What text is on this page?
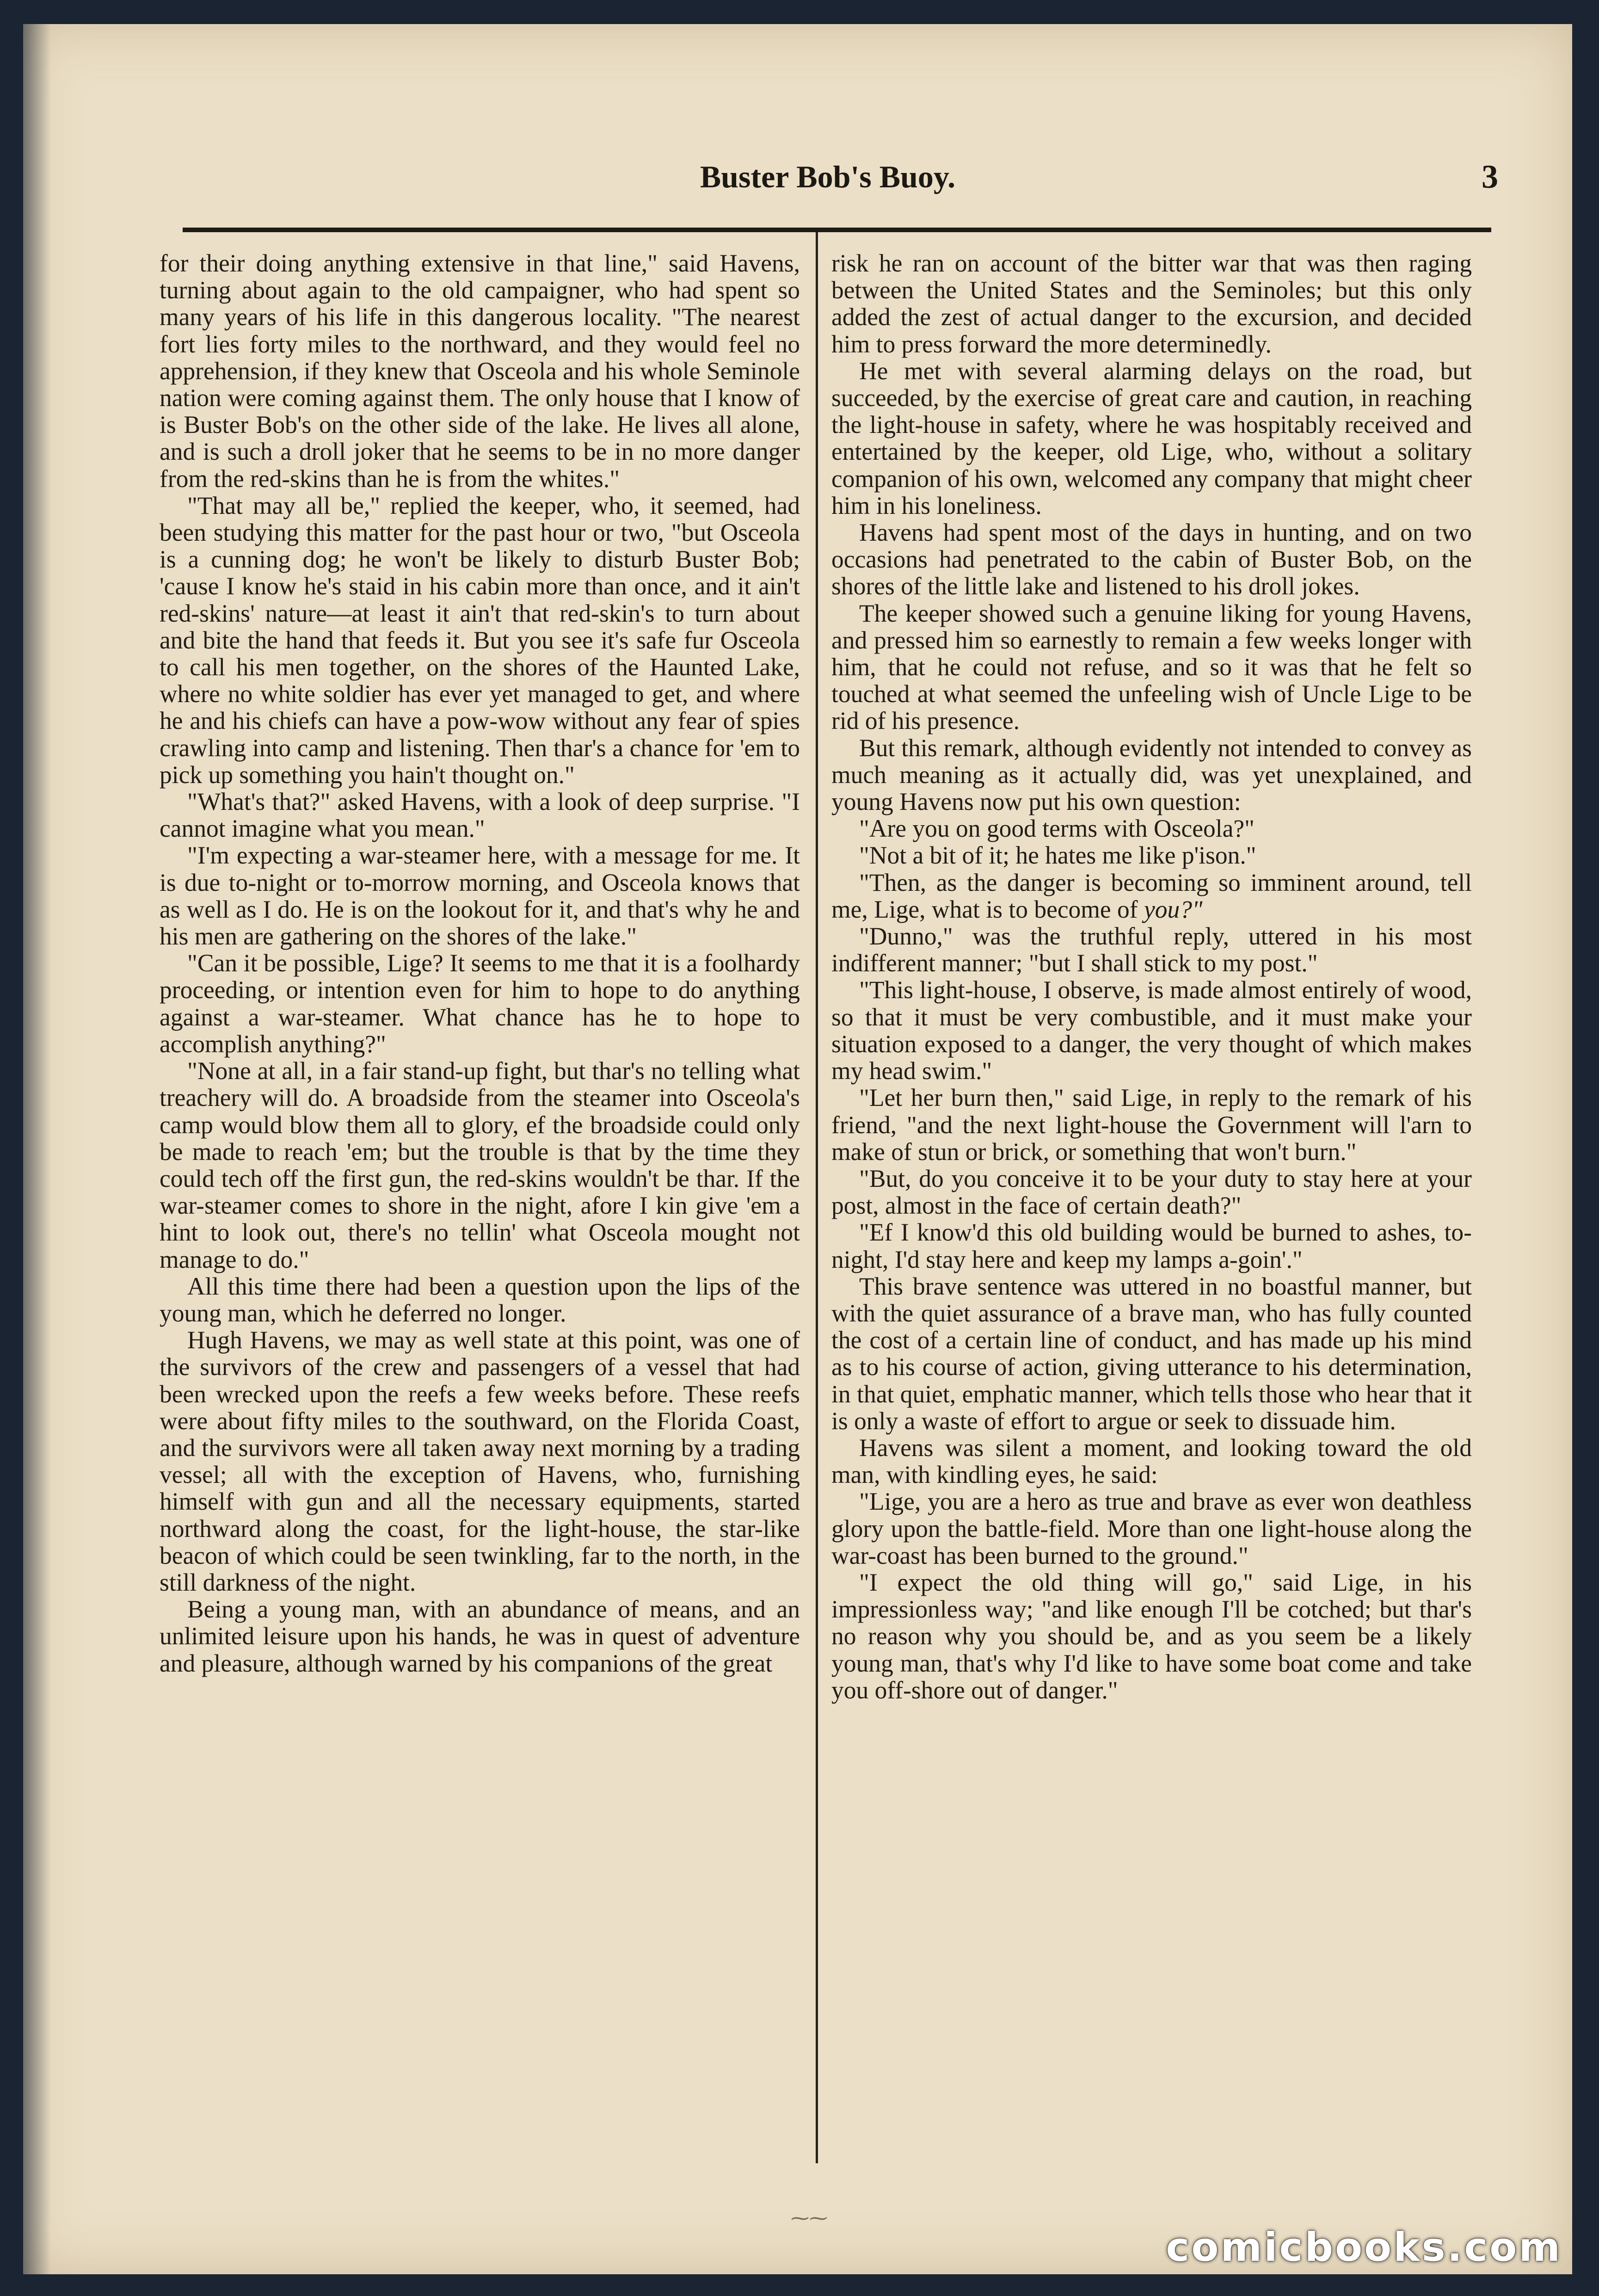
Buster Bob's Buoy.	3

for their doing anything extensive in that line," said Havens, turning about again to the old campaigner, who had spent so many years of his life in this dangerous locality. "The nearest fort lies forty miles to the northward, and they would feel no apprehension, if they knew that Osceola and his whole Seminole nation were coming against them. The only house that I know of is Buster Bob's on the other side of the lake. He lives all alone, and is such a droll joker that he seems to be in no more danger from the red-skins than he is from the whites."

"That may all be," replied the keeper, who, it seemed, had been studying this matter for the past hour or two, "but Osceola is a cunning dog; he won't be likely to disturb Buster Bob; 'cause I know he's staid in his cabin more than once, and it ain't red-skins' nature—at least it ain't that red-skin's to turn about and bite the hand that feeds it. But you see it's safe fur Osceola to call his men together, on the shores of the Haunted Lake, where no white soldier has ever yet managed to get, and where he and his chiefs can have a pow-wow without any fear of spies crawling into camp and listening. Then thar's a chance for 'em to pick up something you hain't thought on."

"What's that?" asked Havens, with a look of deep surprise. "I cannot imagine what you mean."

"I'm expecting a war-steamer here, with a message for me. It is due to-night or to-morrow morning, and Osceola knows that as well as I do. He is on the lookout for it, and that's why he and his men are gathering on the shores of the lake."

"Can it be possible, Lige? It seems to me that it is a foolhardy proceeding, or intention even for him to hope to do anything against a war-steamer. What chance has he to hope to accomplish anything?"

"None at all, in a fair stand-up fight, but thar's no telling what treachery will do. A broadside from the steamer into Osceola's camp would blow them all to glory, ef the broadside could only be made to reach 'em; but the trouble is that by the time they could tech off the first gun, the red-skins wouldn't be thar. If the war-steamer comes to shore in the night, afore I kin give 'em a hint to look out, there's no tellin' what Osceola mought not manage to do."

All this time there had been a question upon the lips of the young man, which he deferred no longer.

Hugh Havens, we may as well state at this point, was one of the survivors of the crew and passengers of a vessel that had been wrecked upon the reefs a few weeks before. These reefs were about fifty miles to the southward, on the Florida Coast, and the survivors were all taken away next morning by a trading vessel; all with the exception of Havens, who, furnishing himself with gun and all the necessary equipments, started northward along the coast, for the light-house, the star-like beacon of which could be seen twinkling, far to the north, in the still darkness of the night.

Being a young man, with an abundance of means, and an unlimited leisure upon his hands, he was in quest of adventure and pleasure, although warned by his companions of the great

risk he ran on account of the bitter war that was then raging between the United States and the Seminoles; but this only added the zest of actual danger to the excursion, and decided him to press forward the more determinedly.

He met with several alarming delays on the road, but succeeded, by the exercise of great care and caution, in reaching the light-house in safety, where he was hospitably received and entertained by the keeper, old Lige, who, without a solitary companion of his own, welcomed any company that might cheer him in his loneliness.

Havens had spent most of the days in hunting, and on two occasions had penetrated to the cabin of Buster Bob, on the shores of the little lake and listened to his droll jokes.

The keeper showed such a genuine liking for young Havens, and pressed him so earnestly to remain a few weeks longer with him, that he could not refuse, and so it was that he felt so touched at what seemed the unfeeling wish of Uncle Lige to be rid of his presence.

But this remark, although evidently not intended to convey as much meaning as it actually did, was yet unexplained, and young Havens now put his own question:

"Are you on good terms with Osceola?"

"Not a bit of it; he hates me like p'ison."

"Then, as the danger is becoming so imminent around, tell me, Lige, what is to become of you?"

"Dunno," was the truthful reply, uttered in his most indifferent manner; "but I shall stick to my post."

"This light-house, I observe, is made almost entirely of wood, so that it must be very combustible, and it must make your situation exposed to a danger, the very thought of which makes my head swim."

"Let her burn then," said Lige, in reply to the remark of his friend, "and the next light-house the Government will l'arn to make of stun or brick, or something that won't burn."

"But, do you conceive it to be your duty to stay here at your post, almost in the face of certain death?"

"Ef I know'd this old building would be burned to ashes, to-night, I'd stay here and keep my lamps a-goin'."

This brave sentence was uttered in no boastful manner, but with the quiet assurance of a brave man, who has fully counted the cost of a certain line of conduct, and has made up his mind as to his course of action, giving utterance to his determination, in that quiet, emphatic manner, which tells those who hear that it is only a waste of effort to argue or seek to dissuade him.

Havens was silent a moment, and looking toward the old man, with kindling eyes, he said:

"Lige, you are a hero as true and brave as ever won deathless glory upon the battle-field. More than one light-house along the war-coast has been burned to the ground."

"I expect the old thing will go," said Lige, in his impressionless way; "and like enough I'll be cotched; but thar's no reason why you should be, and as you seem be a likely young man, that's why I'd like to have some boat come and take you off-shore out of danger."

⁓⁓
comicbooks.com
